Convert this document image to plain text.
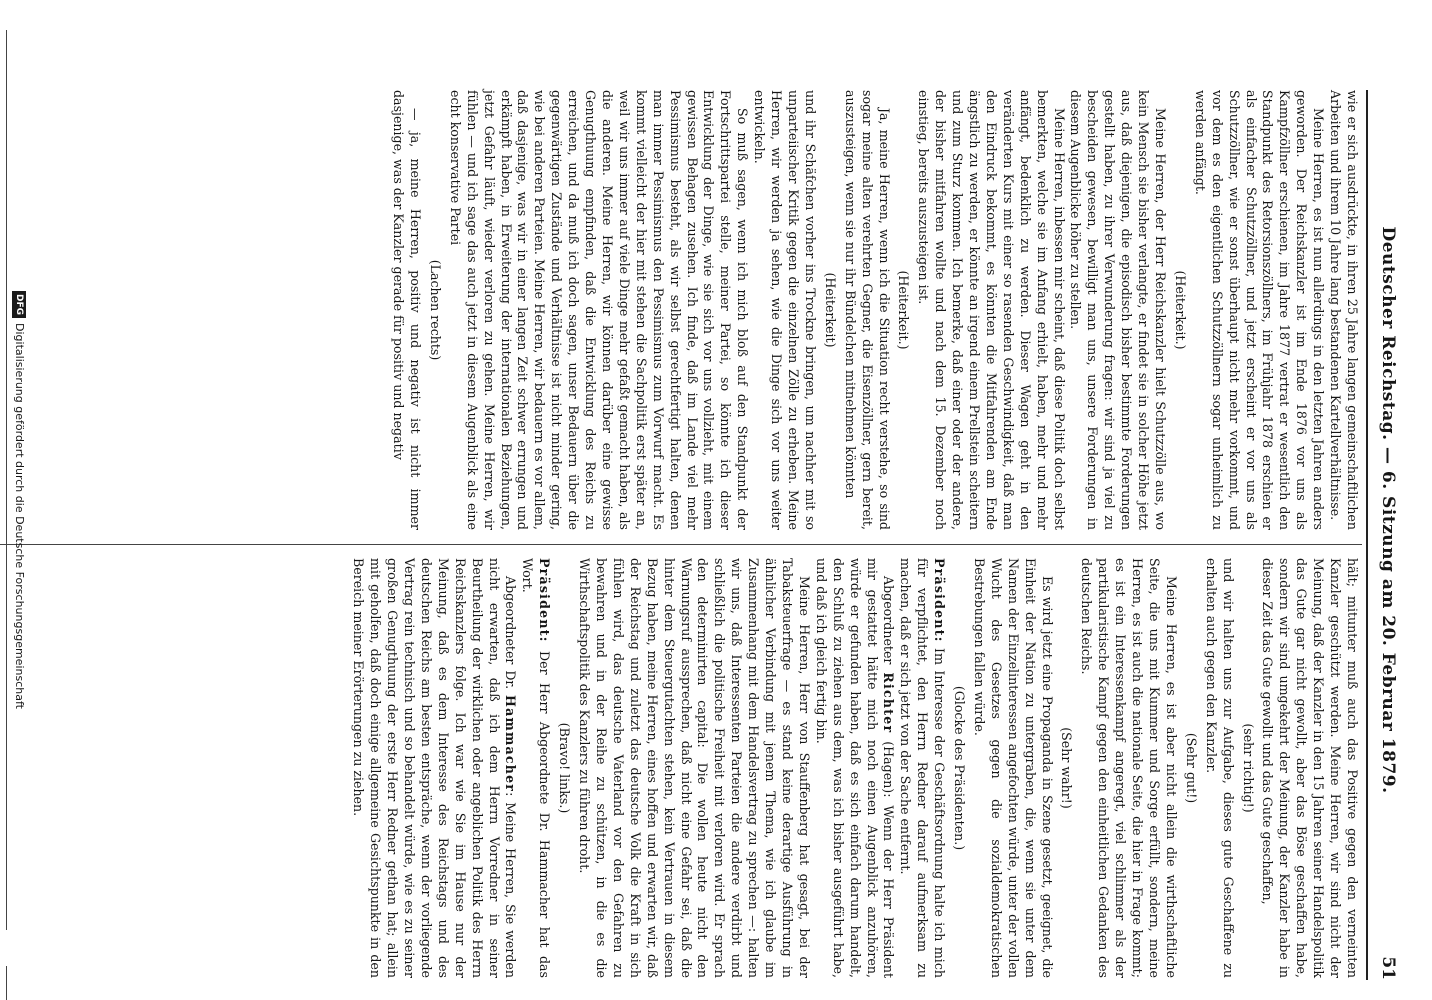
Deutscher Reichstag. — 6. Sitzung am 20. Februar 1879.
51
wie er sich ausdrückte, in ihren 25 Jahre langen gemeinschaftlichen Arbeiten und ihrem 10 Jahre lang bestandenen Kartellverhältnisse.
Meine Herren, es ist nun allerdings in den letzten Jahren anders geworden. Der Reichskanzler ist im Ende 1876 vor uns als Kampfzöllner erschienen, im Jahre 1877 vertrat er wesentlich den Standpunkt des Retorsionszöllners, im Frühjahr 1878 erschien er als einfacher Schutzzöllner, und jetzt erscheint er vor uns als Schutzzöllner, wie er sonst überhaupt nicht mehr vorkommt, und vor dem es den eigentlichen Schutzzöllnern sogar unheimlich zu werden anfängt.
(Heiterkeit.)
Meine Herren, der Herr Reichskanzler hielt Schutzzölle aus, wo kein Mensch sie bisher verlangte, er findet sie in solcher Höhe jetzt aus, daß diejenigen, die episodisch bisher bestimmte Forderungen gestellt haben, zu ihrer Verwunderung fragen: wir sind ja viel zu bescheiden gewesen, bewilligt man uns, unsere Forderungen in diesem Augenblicke höher zu stellen.
Meine Herren, inbessen mir scheint, daß diese Politik doch selbst bemerkten, welche sie im Anfang erhielt, haben, mehr und mehr anfängt, bedenklich zu werden. Dieser Wagen geht in den veränderten Kurs mit einer so rasenden Geschwindigkeit, daß man den Eindruck bekommt, es könnten die Mitfahrenden am Ende ängstlich zu werden, er könnte an irgend einem Prellstein scheitern und zum Sturz kommen. Ich bemerke, daß einer oder der andere, der bisher mitfahren wollte und nach dem 15. Dezember noch einstieg, bereits auszusteigen ist.
(Heiterkeit.)
Ja, meine Herren, wenn ich die Situation recht verstehe, so sind sogar meine alten verehrten Gegner, die Eisenzöllner, gern bereit, auszusteigen, wenn sie nur ihr Bündelchen mitnehmen könnten
(Heiterkeit)
und ihr Schäfchen vorher ins Trockne bringen, um nachher mit so unparteiischer Kritik gegen die einzelnen Zölle zu erheben. Meine Herren, wir werden ja sehen, wie die Dinge sich vor uns weiter entwickeln.
So muß sagen, wenn ich mich bloß auf den Standpunkt der Fortschrittspartei stelle, meiner Partei, so könnte ich dieser Entwicklung der Dinge, wie sie sich vor uns vollzieht, mit einem gewissen Behagen zusehen. Ich finde, daß im Lande viel mehr Pessimismus besteht, als wir selbst gerechtfertigt halten, denen man immer Pessimismus den Pessimismus zum Vorwurf macht. Es kommt vielleicht der hier mit stehen die Sachpolitik erst später an, weil wir uns immer auf viele Dinge mehr gefaßt gemacht haben, als die anderen. Meine Herren, wir können darüber eine gewisse Genugthuung empfinden, daß die Entwicklung des Reichs zu erreichen, und da muß ich doch sagen, unser Bedauern über die gegenwärtigen Zustände und Verhältnisse ist nicht minder gering, wie bei anderen Parteien. Meine Herren, wir bedauern es vor allem, daß dasjenige, was wir in einer langen Zeit schwer errungen und erkämpft haben, in Erweiterung der internationalen Beziehungen, jetzt Gefahr läuft, wieder verloren zu gehen. Meine Herren, wir fühlen — und ich sage das auch jetzt in diesem Augenblick als eine echt konservative Partei
(Lachen rechts)
— ja, meine Herren, positiv und negativ ist nicht immer dasjenige, was der Kanzler gerade für positiv und negativ
hält; mitunter muß auch das Positive gegen den verneinten Kanzler geschützt werden. Meine Herren, wir sind nicht der Meinung, daß der Kanzler in den 15 Jahren seiner Handelspolitik das Gute gar nicht gewollt, aber das Böse geschaffen habe, sondern wir sind umgekehrt der Meinung, der Kanzler habe in dieser Zeit das Gute gewollt und das Gute geschaffen,
(sehr richtig!)
und wir halten uns zur Aufgabe, dieses gute Geschaffene zu erhalten auch gegen den Kanzler.
(Sehr gut!)
Meine Herren, es ist aber nicht allein die wirthschaftliche Seite, die uns mit Kummer und Sorge erfüllt, sondern, meine Herren, es ist auch die nationale Seite, die hier in Frage kommt; es ist ein Interessenkampf angeregt, viel schlimmer als der partikularistische Kampf gegen den einheitlichen Gedanken des deutschen Reichs.
(Sehr wahr!)
Es wird jetzt eine Propaganda in Szene gesetzt, geeignet, die Einheit der Nation zu untergraben, die, wenn sie unter dem Namen der Einzelinteressen angefochten würde, unter der vollen Wucht des Gesetzes gegen die sozialdemokratischen Bestrebungen fallen würde.
(Glocke des Präsidenten.)
Präsident: Im Interesse der Geschäftsordnung halte ich mich für verpflichtet, den Herrn Redner darauf aufmerksam zu machen, daß er sich jetzt von der Sache entfernt.
Abgeordneter Richter (Hagen): Wenn der Herr Präsident mir gestattet hätte mich noch einen Augenblick anzuhören, würde er gefunden haben, daß es sich einfach darum handelt, den Schluß zu ziehen aus dem, was ich bisher ausgeführt habe, und daß ich gleich fertig bin.
Meine Herren, Herr von Stauffenberg hat gesagt, bei der Tabaksteuerfrage — es stand keine derartige Ausführung in ähnlicher Verbindung mit jenem Thema, wie ich glaube im Zusammenhang mit dem Handelsvertrag zu sprechen —: halten wir uns, daß Interessenten Parteien die andere verdirbt und schließlich die politische Freiheit mit verloren wird. Er sprach den determinirten capital: Die wollen heute nicht den Warnungsruf aussprechen, daß nicht eine Gefahr sei, daß die hinter dem Steuergutachten stehen, kein Vertrauen in diesem Bezug haben, meine Herren, eines hoffen und erwarten wir, daß der Reichstag und zuletzt das deutsche Volk die Kraft in sich fühlen wird, das deutsche Vaterland vor den Gefahren zu bewahren und in der Reihe zu schützen, in die es die Wirthschaftspolitik des Kanzlers zu führen droht.
(Bravo! links.)
Präsident: Der Herr Abgeordnete Dr. Hammacher hat das Wort.
Abgeordneter Dr. Hammacher: Meine Herren, Sie werden nicht erwarten, daß ich dem Herrn Vorredner in seiner Beurtheilung der wirklichen oder angeblichen Politik des Herrn Reichskanzlers folge. Ich war wie Sie im Hause nur der Meinung, daß es dem Interesse des Reichstags und des deutschen Reichs am besten entspräche, wenn der vorliegende Vertrag rein technisch und so behandelt würde, wie es zu seiner großen Genugthuung der erste Herr Redner gethan hat; allein mit geholfen, daß doch einige allgemeine Gesichtspunkte in den Bereich meiner Erörterungen zu ziehen.
DFGDigitalisierung gefördert durch die Deutsche Forschungsgemeinschaft
